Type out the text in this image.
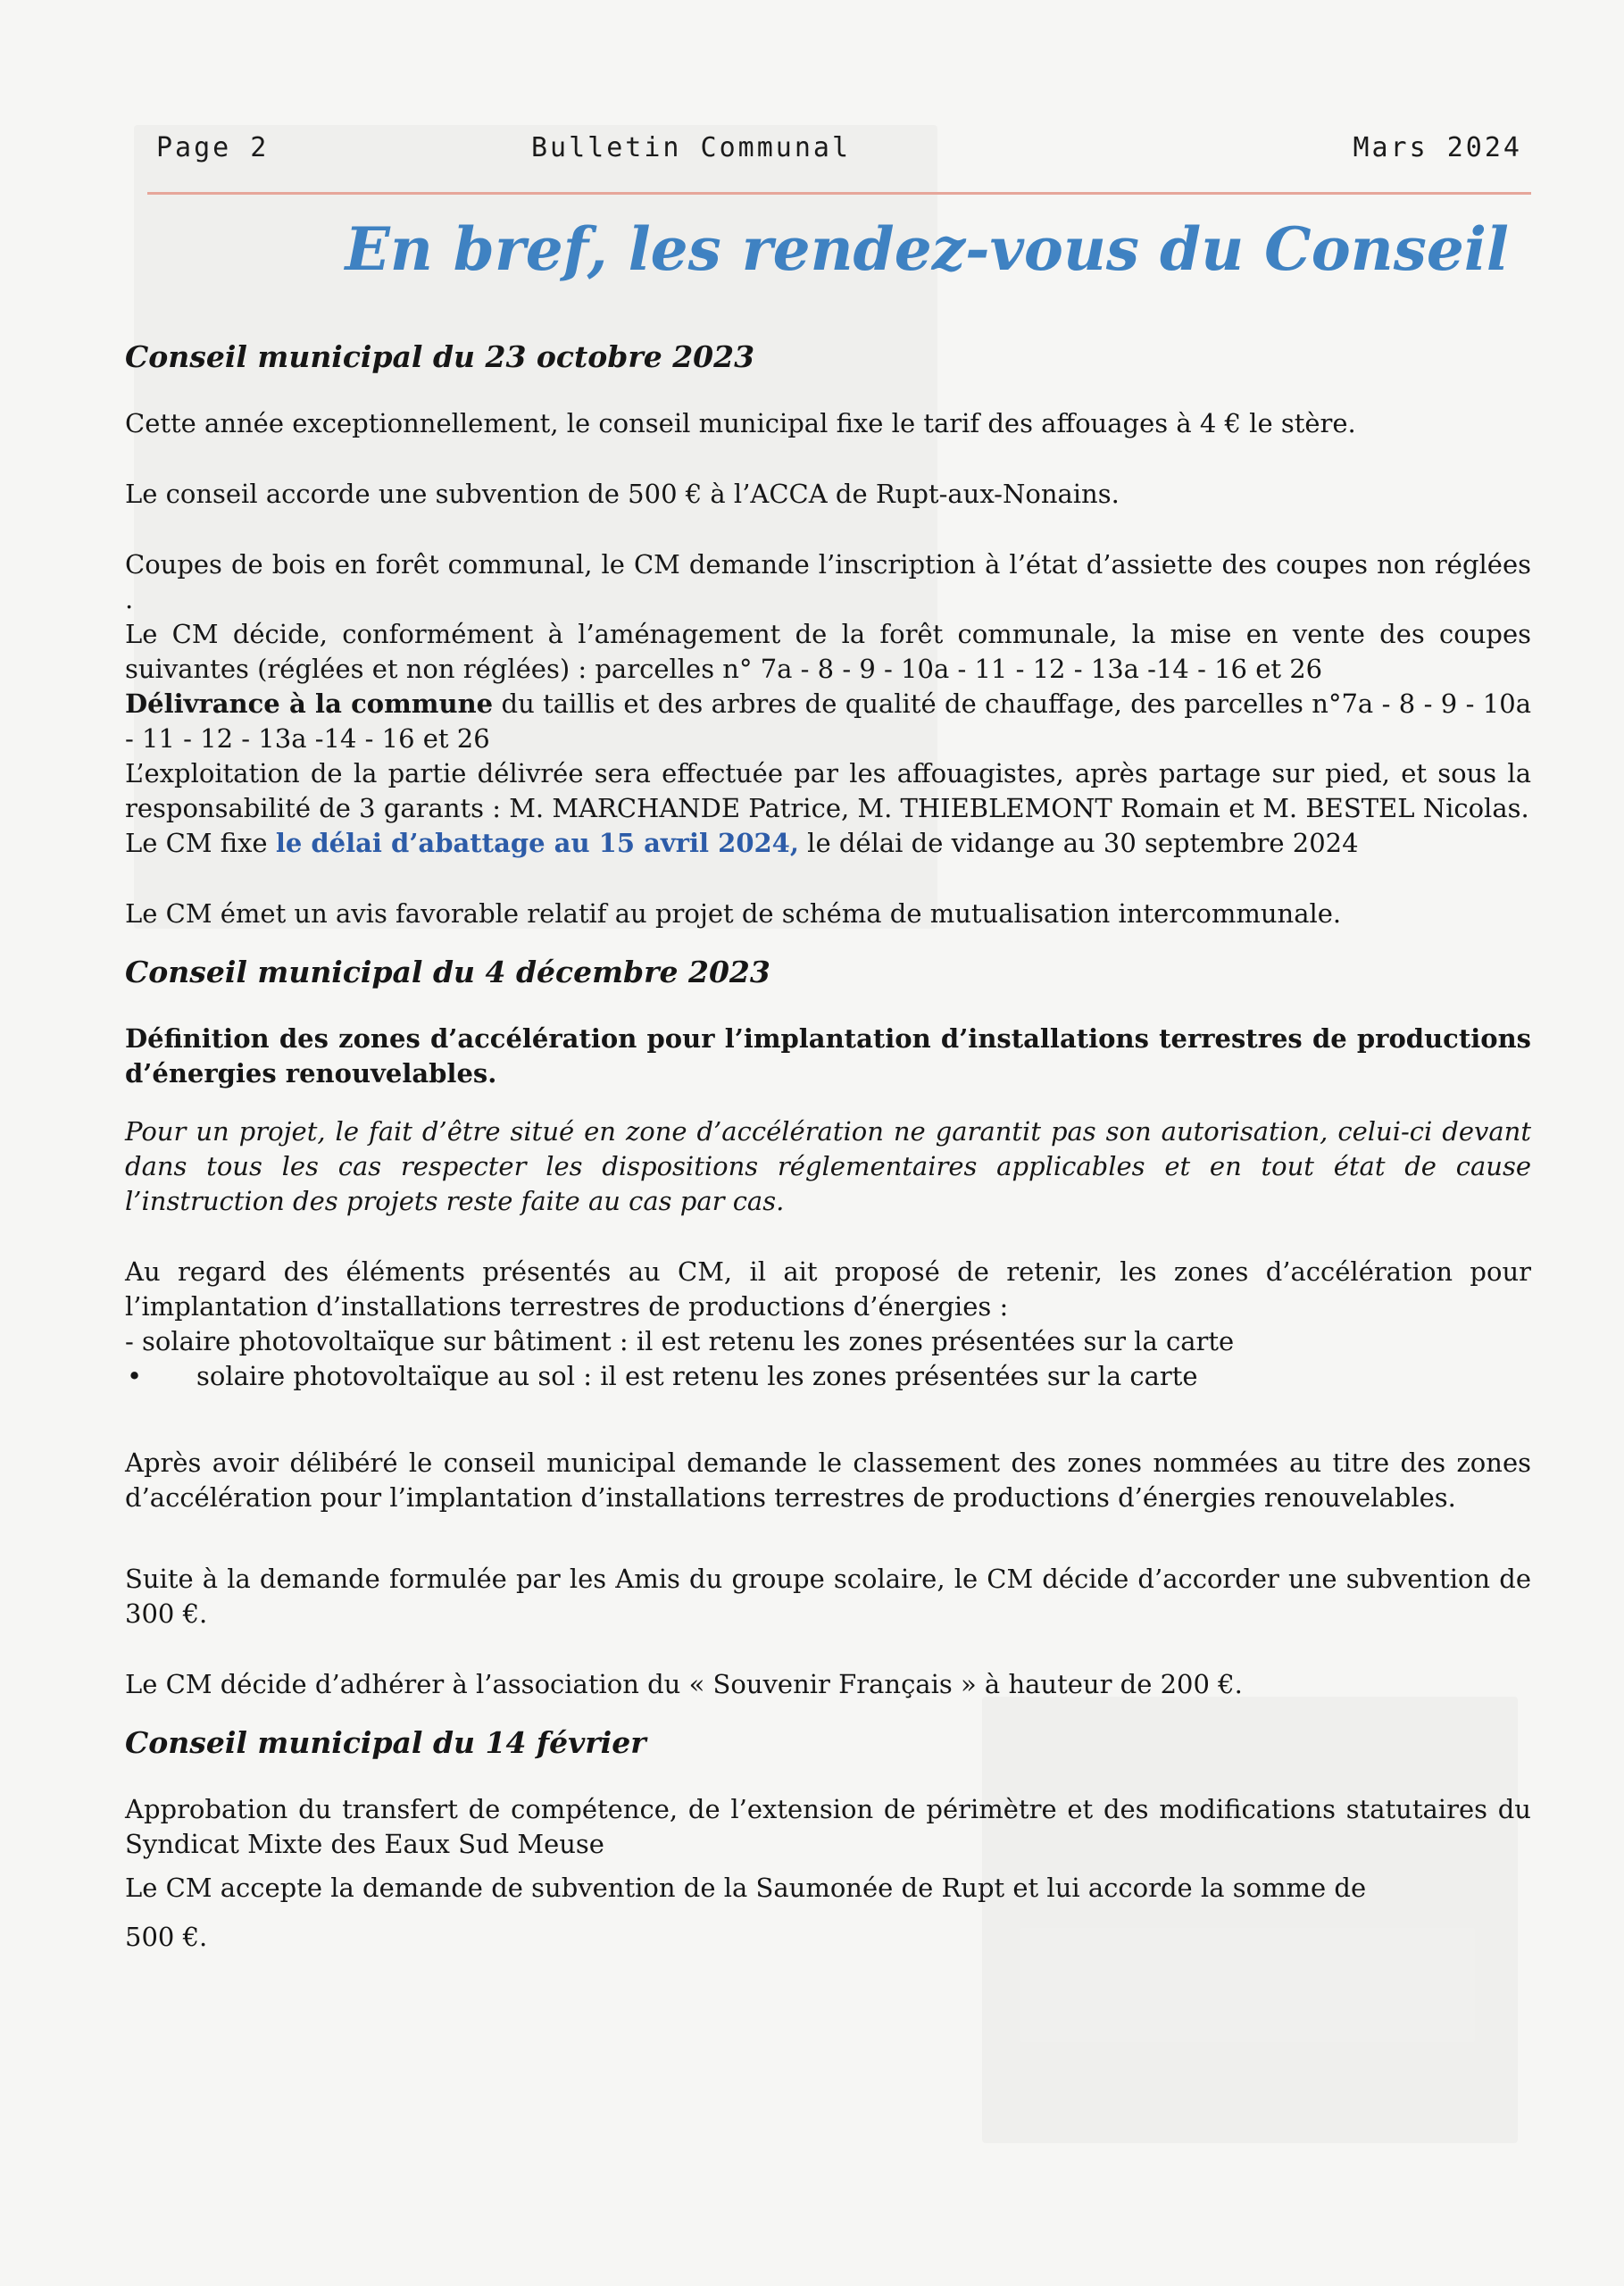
Page 2	Bulletin Communal	Mars 2024
En bref, les rendez-vous du Conseil
Conseil municipal du 23 octobre 2023

Cette année exceptionnellement, le conseil municipal fixe le tarif des affouages à 4 € le stère.

Le conseil accorde une subvention de 500 € à l’ACCA de Rupt-aux-Nonains.

Coupes de bois en forêt communal, le CM demande l’inscription à l’état d’assiette des coupes non réglées .

Le CM décide, conformément à l’aménagement de la forêt communale, la mise en vente des coupes suivantes (réglées et non réglées) : parcelles n° 7a - 8 - 9 - 10a - 11 - 12 - 13a -14 - 16 et 26

Délivrance à la commune du taillis et des arbres de qualité de chauffage, des parcelles n°7a - 8 - 9 - 10a - 11 - 12 - 13a -14 - 16 et 26

L’exploitation de la partie délivrée sera effectuée par les affouagistes, après partage sur pied, et sous la responsabilité de 3 garants : M. MARCHANDE Patrice, M. THIEBLEMONT Romain et M. BESTEL Nicolas.

Le CM fixe le délai d’abattage au 15 avril 2024, le délai de vidange au 30 septembre 2024

Le CM émet un avis favorable relatif au projet de schéma de mutualisation intercommunale.

Conseil municipal du 4 décembre 2023

Définition des zones d’accélération pour l’implantation d’installations terrestres de productions d’énergies renouvelables.

Pour un projet, le fait d’être situé en zone d’accélération ne garantit pas son autorisation, celui-ci devant dans tous les cas respecter les dispositions réglementaires applicables et en tout état de cause l’instruction des projets reste faite au cas par cas.

Au regard des éléments présentés au CM, il ait proposé de retenir, les zones d’accélération pour l’implantation d’installations terrestres de productions d’énergies :

- solaire photovoltaïque sur bâtiment : il est retenu les zones présentées sur la carte

• solaire photovoltaïque au sol : il est retenu les zones présentées sur la carte

Après avoir délibéré le conseil municipal demande le classement des zones nommées au titre des zones d’accélération pour l’implantation d’installations terrestres de productions d’énergies renouvelables.

Suite à la demande formulée par les Amis du groupe scolaire, le CM décide d’accorder une subvention de 300 €.

Le CM décide d’adhérer à l’association du « Souvenir Français » à hauteur de 200 €.

Conseil municipal du 14 février

Approbation du transfert de compétence, de l’extension de périmètre et des modifications statutaires du Syndicat Mixte des Eaux Sud Meuse

Le CM accepte la demande de subvention de la Saumonée de Rupt et lui accorde la somme de

500 €.
